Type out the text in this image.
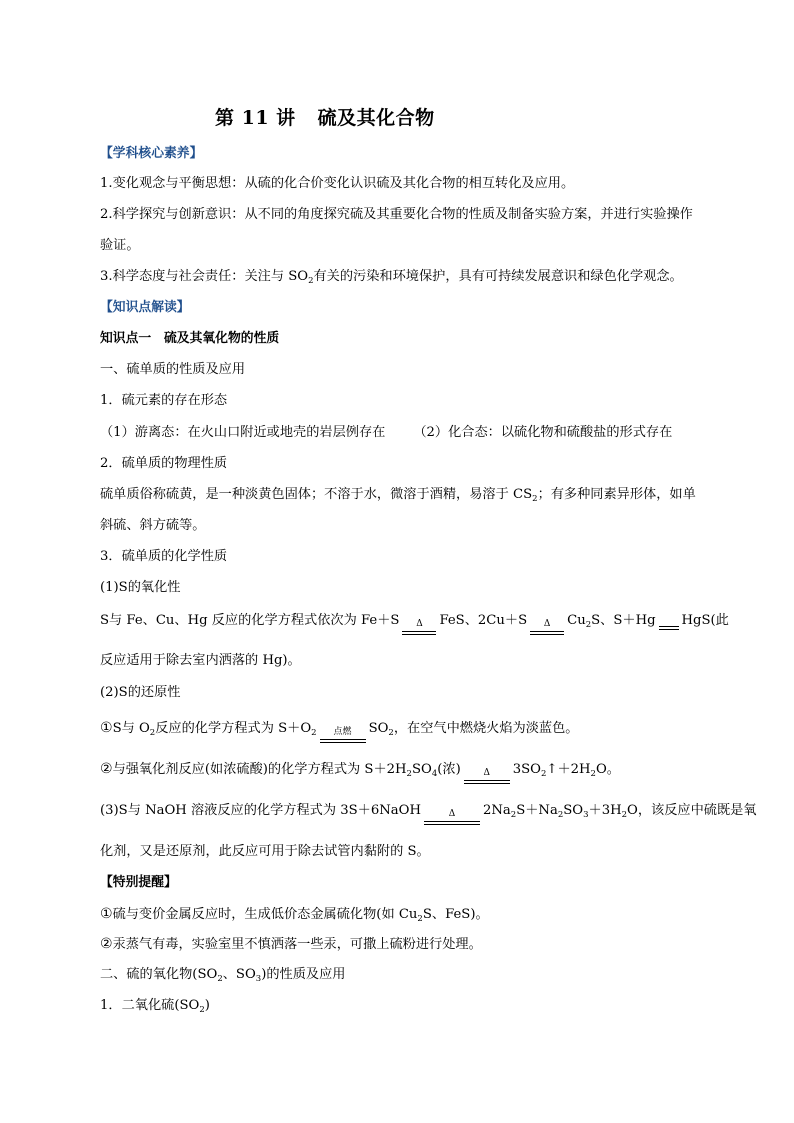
第 11 讲 硫及其化合物
【学科核心素养】
1.变化观念与平衡思想：从硫的化合价变化认识硫及其化合物的相互转化及应用。
2.科学探究与创新意识：从不同的角度探究硫及其重要化合物的性质及制备实验方案，并进行实验操作
验证。
3.科学态度与社会责任：关注与 $SO_2$有关的污染和环境保护，具有可持续发展意识和绿色化学观念。
【知识点解读】
知识点一　硫及其氧化物的性质
一、硫单质的性质及应用
1．硫元素的存在形态
（1）游离态：在火山口附近或地壳的岩层例存在 （2）化合态：以硫化物和硫酸盐的形式存在
2．硫单质的物理性质
硫单质俗称硫黄，是一种淡黄色固体；不溶于水，微溶于酒精，易溶于 $CS_2$；有多种同素异形体，如单
斜硫、斜方硫等。
3．硫单质的化学性质
(1)S的氧化性
S与 Fe、Cu、Hg 反应的化学方程式依次为 Fe＋S Δ FeS、2Cu＋S Δ $Cu_2S$、S＋Hg HgS(此
反应适用于除去室内洒落的 Hg)。
(2)S的还原性
①S与 $O_2$反应的化学方程式为 $S+O_2$ 点燃 $SO_2$，在空气中燃烧火焰为淡蓝色。
②与强氧化剂反应(如浓硫酸)的化学方程式为 $S+2H_2SO_4$(浓)	Δ $3SO_2↑+2H_2O$。
(3)S与 NaOH 溶液反应的化学方程式为 3S＋6NaOH	Δ $2Na_2S+Na_2SO_3+3H_2O$，该反应中硫既是氧
化剂，又是还原剂，此反应可用于除去试管内黏附的 S。
【特别提醒】
①硫与变价金属反应时，生成低价态金属硫化物(如 $Cu_2S$、FeS)。
②汞蒸气有毒，实验室里不慎洒落一些汞，可撒上硫粉进行处理。
二、硫的氧化物($SO_2$、$SO_3$)的性质及应用
1．二氧化硫$(SO_2)$
